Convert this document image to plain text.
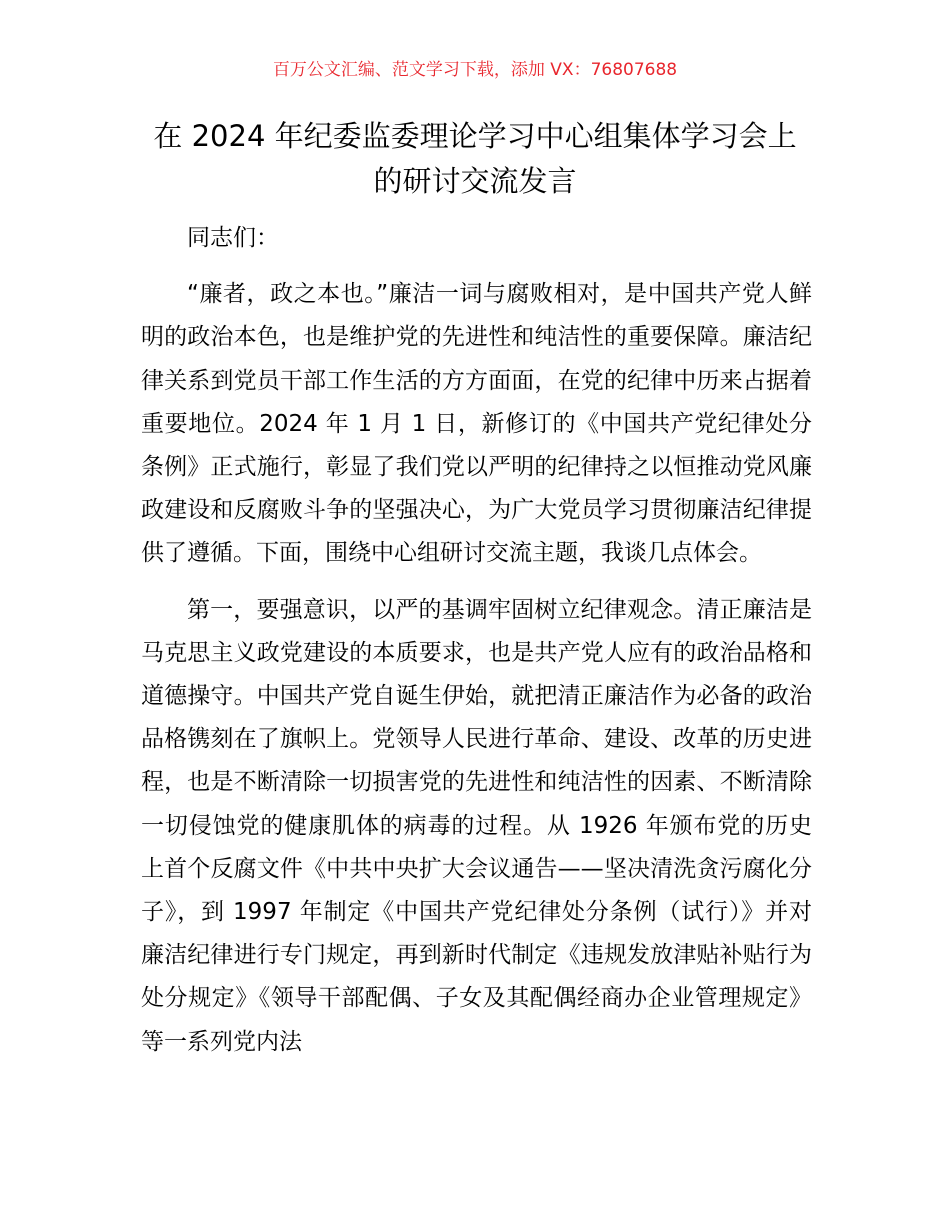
百万公文汇编、范文学习下载，添加 VX：76807688
在 2024 年纪委监委理论学习中心组集体学习会上的研讨交流发言

同志们：

“廉者，政之本也。”廉洁一词与腐败相对，是中国共产党人鲜明的政治本色，也是维护党的先进性和纯洁性的重要保障。廉洁纪律关系到党员干部工作生活的方方面面，在党的纪律中历来占据着重要地位。2024 年 1 月 1 日，新修订的《中国共产党纪律处分条例》正式施行，彰显了我们党以严明的纪律持之以恒推动党风廉政建设和反腐败斗争的坚强决心，为广大党员学习贯彻廉洁纪律提供了遵循。下面，围绕中心组研讨交流主题，我谈几点体会。

第一，要强意识，以严的基调牢固树立纪律观念。清正廉洁是马克思主义政党建设的本质要求，也是共产党人应有的政治品格和道德操守。中国共产党自诞生伊始，就把清正廉洁作为必备的政治品格镌刻在了旗帜上。党领导人民进行革命、建设、改革的历史进程，也是不断清除一切损害党的先进性和纯洁性的因素、不断清除一切侵蚀党的健康肌体的病毒的过程。从 1926 年颁布党的历史上首个反腐文件《中共中央扩大会议通告——坚决清洗贪污腐化分子》，到 1997 年制定《中国共产党纪律处分条例（试行）》并对廉洁纪律进行专门规定，再到新时代制定《违规发放津贴补贴行为处分规定》《领导干部配偶、子女及其配偶经商办企业管理规定》等一系列党内法
